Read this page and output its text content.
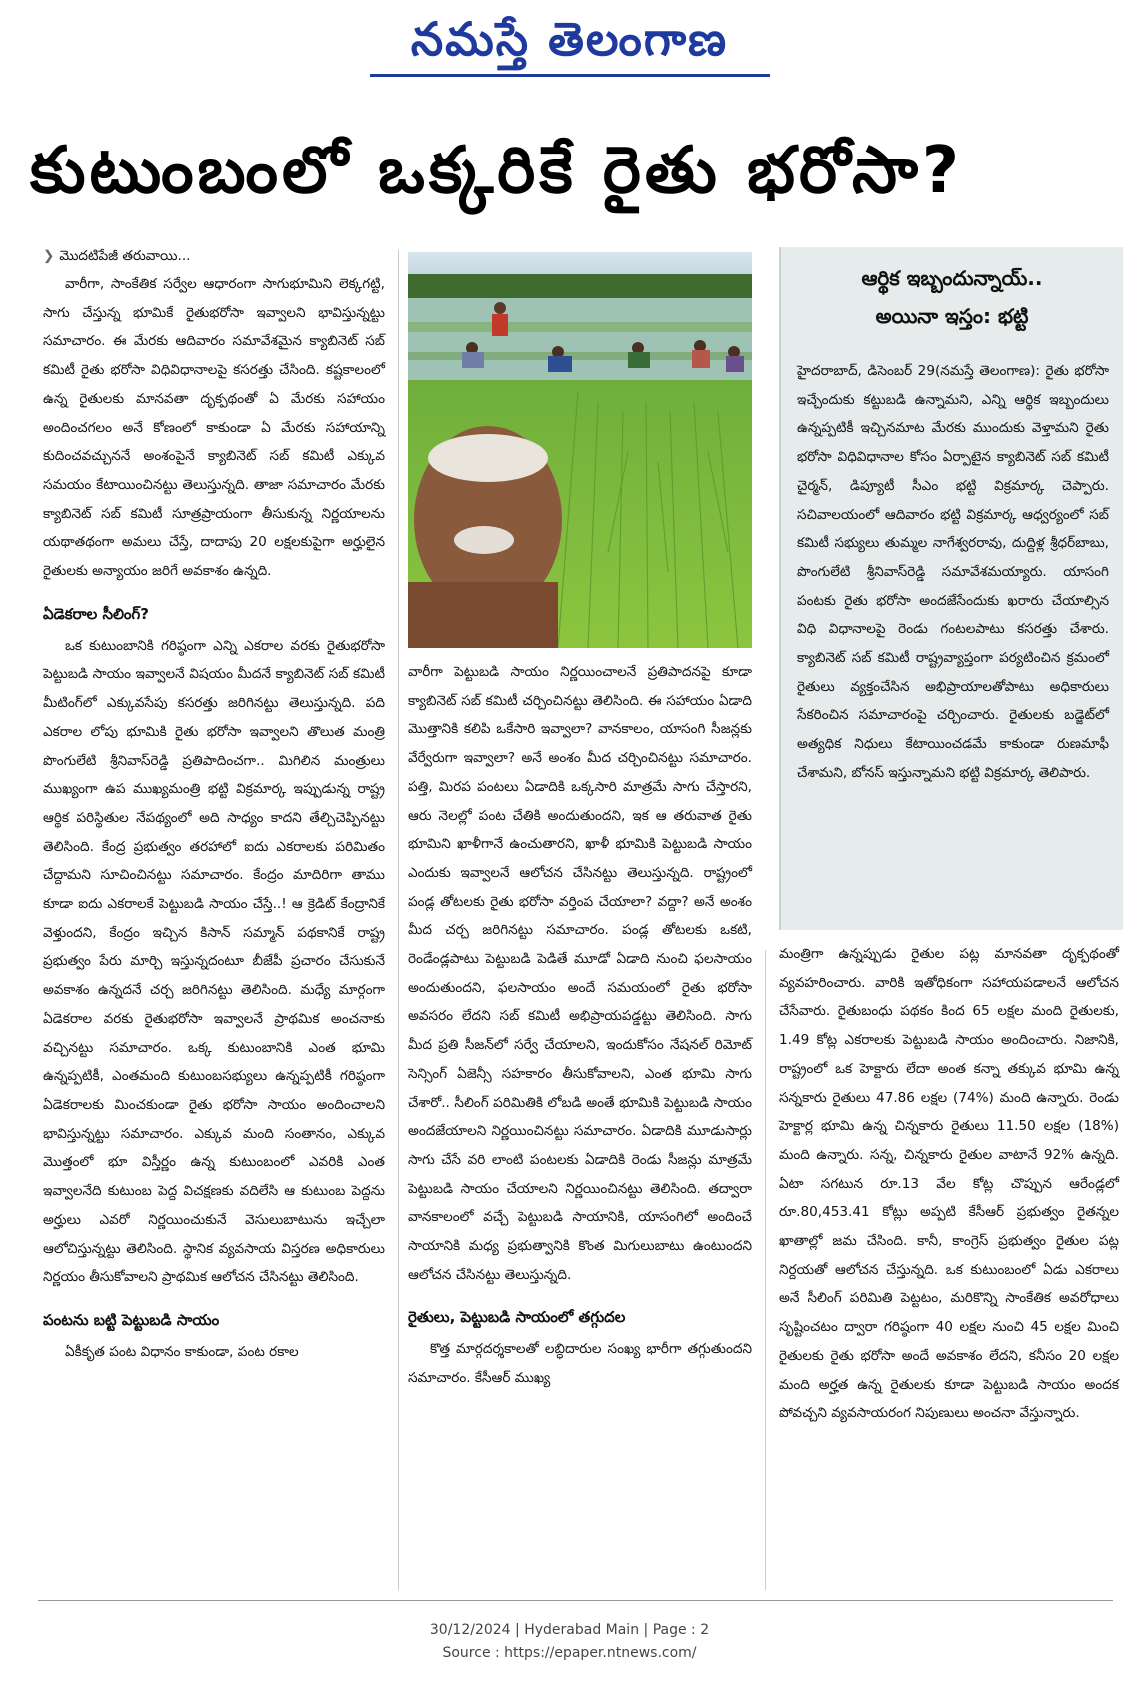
నమస్తే తెలంగాణ
కుటుంబంలో ఒక్కరికే రైతు భరోసా?
❯ మొదటిపేజీ తరువాయి...

వారీగా, సాంకేతిక సర్వేల ఆధారంగా సాగుభూమిని లెక్కగట్టి, సాగు చేస్తున్న భూమికే రైతుభరోసా ఇవ్వాలని భావిస్తున్నట్టు సమాచారం. ఈ మేరకు ఆదివారం సమావేశమైన క్యాబినెట్ సబ్ కమిటీ రైతు భరోసా విధివిధానాలపై కసరత్తు చేసింది. కష్టకాలంలో ఉన్న రైతులకు మానవతా దృక్పథంతో ఏ మేరకు సహాయం అందించగలం అనే కోణంలో కాకుండా ఏ మేరకు సహాయాన్ని కుదించవచ్చుననే అంశంపైనే క్యాబినెట్ సబ్ కమిటీ ఎక్కువ సమయం కేటాయించినట్టు తెలుస్తున్నది. తాజా సమాచారం మేరకు క్యాబినెట్ సబ్ కమిటీ సూత్రప్రాయంగా తీసుకున్న నిర్ణయాలను యథాతథంగా అమలు చేస్తే, దాదాపు 20 లక్షలకుపైగా అర్హులైన రైతులకు అన్యాయం జరిగే అవకాశం ఉన్నది.

ఏడెకరాల సీలింగ్?

ఒక కుటుంబానికి గరిష్ఠంగా ఎన్ని ఎకరాల వరకు రైతుభరోసా పెట్టుబడి సాయం ఇవ్వాలనే విషయం మీదనే క్యాబినెట్ సబ్ కమిటీ మీటింగ్‌లో ఎక్కువసేపు కసరత్తు జరిగినట్టు తెలుస్తున్నది. పది ఎకరాల లోపు భూమికి రైతు భరోసా ఇవ్వాలని తొలుత మంత్రి పొంగులేటి శ్రీనివాస్‌రెడ్డి ప్రతిపాదించగా.. మిగిలిన మంత్రులు ముఖ్యంగా ఉప ముఖ్యమంత్రి భట్టి విక్రమార్క ఇప్పుడున్న రాష్ట్ర ఆర్థిక పరిస్థితుల నేపథ్యంలో అది సాధ్యం కాదని తేల్చిచెప్పినట్టు తెలిసింది. కేంద్ర ప్రభుత్వం తరహాలో ఐదు ఎకరాలకు పరిమితం చేద్దామని సూచించినట్టు సమాచారం. కేంద్రం మాదిరిగా తాము కూడా ఐదు ఎకరాలకే పెట్టుబడి సాయం చేస్తే..! ఆ క్రెడిట్ కేంద్రానికే వెళ్తుందని, కేంద్రం ఇచ్చిన కిసాన్ సమ్మాన్ పథకానికే రాష్ట్ర ప్రభుత్వం పేరు మార్చి ఇస్తున్నదంటూ బీజేపీ ప్రచారం చేసుకునే అవకాశం ఉన్నదనే చర్చ జరిగినట్టు తెలిసింది. మధ్యే మార్గంగా ఏడెకరాల వరకు రైతుభరోసా ఇవ్వాలనే ప్రాథమిక అంచనాకు వచ్చినట్టు సమాచారం. ఒక్క కుటుంబానికి ఎంత భూమి ఉన్నప్పటికీ, ఎంతమంది కుటుంబసభ్యులు ఉన్నప్పటికీ గరిష్ఠంగా ఏడెకరాలకు మించకుండా రైతు భరోసా సాయం అందించాలని భావిస్తున్నట్టు సమాచారం. ఎక్కువ మంది సంతానం, ఎక్కువ మొత్తంలో భూ విస్తీర్ణం ఉన్న కుటుంబంలో ఎవరికి ఎంత ఇవ్వాలనేది కుటుంబ పెద్ద విచక్షణకు వదిలేసి ఆ కుటుంబ పెద్దను అర్హులు ఎవరో నిర్ణయించుకునే వెసులుబాటును ఇచ్చేలా ఆలోచిస్తున్నట్టు తెలిసింది. స్థానిక వ్యవసాయ విస్తరణ అధికారులు నిర్ణయం తీసుకోవాలని ప్రాథమిక ఆలోచన చేసినట్టు తెలిసింది.

పంటను బట్టి పెట్టుబడి సాయం

ఏకీకృత పంట విధానం కాకుండా, పంట రకాల

వారీగా పెట్టుబడి సాయం నిర్ణయించాలనే ప్రతిపాదనపై కూడా క్యాబినెట్ సబ్ కమిటీ చర్చించినట్టు తెలిసింది. ఈ సహాయం ఏడాది మొత్తానికి కలిపి ఒకేసారి ఇవ్వాలా? వానకాలం, యాసంగి సీజన్లకు వేర్వేరుగా ఇవ్వాలా? అనే అంశం మీద చర్చించినట్టు సమాచారం. పత్తి, మిరప పంటలు ఏడాదికి ఒక్కసారి మాత్రమే సాగు చేస్తారని, ఆరు నెలల్లో పంట చేతికి అందుతుందని, ఇక ఆ తరువాత రైతు భూమిని ఖాళీగానే ఉంచుతారని, ఖాళీ భూమికి పెట్టుబడి సాయం ఎందుకు ఇవ్వాలనే ఆలోచన చేసినట్టు తెలుస్తున్నది. రాష్ట్రంలో పండ్ల తోటలకు రైతు భరోసా వర్తింప చేయాలా? వద్దా? అనే అంశం మీద చర్చ జరిగినట్టు సమాచారం. పండ్ల తోటలకు ఒకటి, రెండేండ్లపాటు పెట్టుబడి పెడితే మూడో ఏడాది నుంచి ఫలసాయం అందుతుందని, ఫలసాయం అందే సమయంలో రైతు భరోసా అవసరం లేదని సబ్ కమిటీ అభిప్రాయపడ్డట్టు తెలిసింది. సాగు మీద ప్రతి సీజన్‌లో సర్వే చేయాలని, ఇందుకోసం నేషనల్ రిమోట్ సెన్సింగ్ ఏజెన్సీ సహకారం తీసుకోవాలని, ఎంత భూమి సాగు చేశారో.. సీలింగ్ పరిమితికి లోబడి అంతే భూమికి పెట్టుబడి సాయం అందజేయాలని నిర్ణయించినట్టు సమాచారం. ఏడాదికి మూడుసార్లు సాగు చేసే వరి లాంటి పంటలకు ఏడాదికి రెండు సీజన్లు మాత్రమే పెట్టుబడి సాయం చేయాలని నిర్ణయించినట్టు తెలిసింది. తద్వారా వానకాలంలో వచ్చే పెట్టుబడి సాయానికి, యాసంగిలో అందించే సాయానికి మధ్య ప్రభుత్వానికి కొంత మిగులుబాటు ఉంటుందని ఆలోచన చేసినట్టు తెలుస్తున్నది.

రైతులు, పెట్టుబడి సాయంలో తగ్గుదల

కొత్త మార్గదర్శకాలతో లబ్ధిదారుల సంఖ్య భారీగా తగ్గుతుందని సమాచారం. కేసీఆర్ ముఖ్య

ఆర్థిక ఇబ్బందున్నాయ్..
అయినా ఇస్తం: భట్టి
హైదరాబాద్, డిసెంబర్ 29(నమస్తే తెలంగాణ): రైతు భరోసా ఇచ్చేందుకు కట్టుబడి ఉన్నామని, ఎన్ని ఆర్థిక ఇబ్బందులు ఉన్నప్పటికీ ఇచ్చినమాట మేరకు ముందుకు వెళ్తామని రైతు భరోసా విధివిధానాల కోసం ఏర్పాటైన క్యాబినెట్ సబ్ కమిటీ చైర్మన్, డిప్యూటీ సీఎం భట్టి విక్రమార్క చెప్పారు. సచివాలయంలో ఆదివారం భట్టి విక్రమార్క ఆధ్వర్యంలో సబ్ కమిటీ సభ్యులు తుమ్మల నాగేశ్వరరావు, దుద్దిళ్ల శ్రీధర్‌బాబు, పొంగులేటి శ్రీనివాస్‌రెడ్డి సమావేశమయ్యారు. యాసంగి పంటకు రైతు భరోసా అందజేసేందుకు ఖరారు చేయాల్సిన విధి విధానాలపై రెండు గంటలపాటు కసరత్తు చేశారు. క్యాబినెట్ సబ్ కమిటీ రాష్ట్రవ్యాప్తంగా పర్యటించిన క్రమంలో రైతులు వ్యక్తంచేసిన అభిప్రాయాలతోపాటు అధికారులు సేకరించిన సమాచారంపై చర్చించారు. రైతులకు బడ్జెట్‌లో అత్యధిక నిధులు కేటాయించడమే కాకుండా రుణమాఫీ చేశామని, బోనస్ ఇస్తున్నామని భట్టి విక్రమార్క తెలిపారు.

మంత్రిగా ఉన్నప్పుడు రైతుల పట్ల మానవతా దృక్పథంతో వ్యవహరించారు. వారికి ఇతోధికంగా సహాయపడాలనే ఆలోచన చేసేవారు. రైతుబంధు పథకం కింద 65 లక్షల మంది రైతులకు, 1.49 కోట్ల ఎకరాలకు పెట్టుబడి సాయం అందించారు. నిజానికి, రాష్ట్రంలో ఒక హెక్టారు లేదా అంత కన్నా తక్కువ భూమి ఉన్న సన్నకారు రైతులు 47.86 లక్షల (74%) మంది ఉన్నారు. రెండు హెక్టార్ల భూమి ఉన్న చిన్నకారు రైతులు 11.50 లక్షల (18%) మంది ఉన్నారు. సన్న, చిన్నకారు రైతుల వాటానే 92% ఉన్నది. ఏటా సగటున రూ.13 వేల కోట్ల చొప్పున ఆరేండ్లలో రూ.80,453.41 కోట్లు అప్పటి కేసీఆర్ ప్రభుత్వం రైతన్నల ఖాతాల్లో జమ చేసింది. కానీ, కాంగ్రెస్ ప్రభుత్వం రైతుల పట్ల నిర్దయతో ఆలోచన చేస్తున్నది. ఒక కుటుంబంలో ఏడు ఎకరాలు అనే సీలింగ్ పరిమితి పెట్టటం, మరికొన్ని సాంకేతిక అవరోధాలు సృష్టించటం ద్వారా గరిష్ఠంగా 40 లక్షల నుంచి 45 లక్షల మించి రైతులకు రైతు భరోసా అందే అవకాశం లేదని, కనీసం 20 లక్షల మంది అర్హత ఉన్న రైతులకు కూడా పెట్టుబడి సాయం అందక పోవచ్చని వ్యవసాయరంగ నిపుణులు అంచనా వేస్తున్నారు.

30/12/2024 | Hyderabad Main | Page : 2
Source : https://epaper.ntnews.com/
